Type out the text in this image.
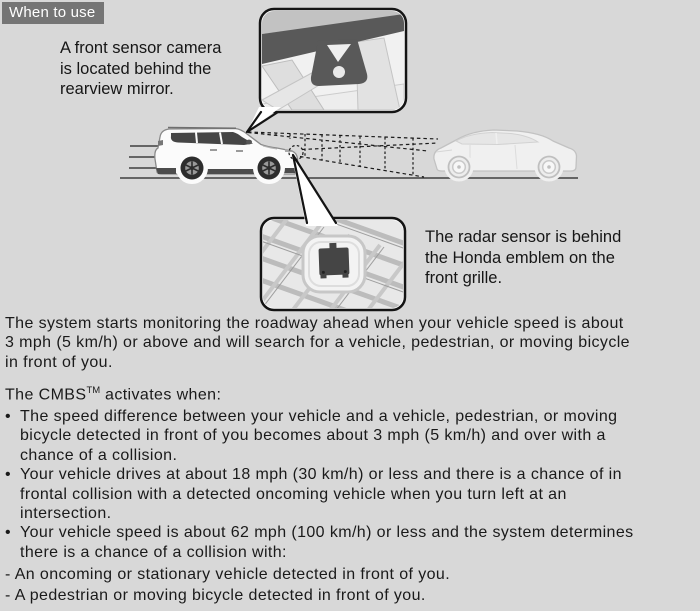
When to use
A front sensor camera
is located behind the
rearview mirror.
The radar sensor is behind
the Honda emblem on the
front grille.
The system starts monitoring the roadway ahead when your vehicle speed is about
3 mph (5 km/h) or above and will search for a vehicle, pedestrian, or moving bicycle
in front of you.
The CMBS™ activates when:
• The speed difference between your vehicle and a vehicle, pedestrian, or moving
bicycle detected in front of you becomes about 3 mph (5 km/h) and over with a
chance of a collision.
• Your vehicle drives at about 18 mph (30 km/h) or less and there is a chance of in
frontal collision with a detected oncoming vehicle when you turn left at an
intersection.
• Your vehicle speed is about 62 mph (100 km/h) or less and the system determines
there is a chance of a collision with:
- An oncoming or stationary vehicle detected in front of you.
- A pedestrian or moving bicycle detected in front of you.
